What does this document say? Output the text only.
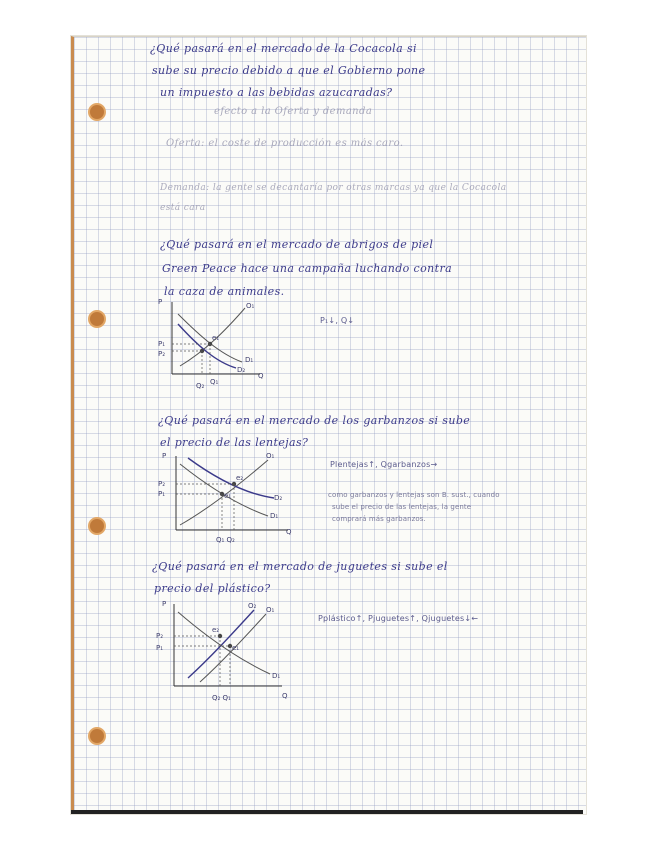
¿Qué pasará en el mercado de la Cocacola si

sube su precio debido a que el Gobierno pone

un impuesto a las bebidas azucaradas?

efecto a la Oferta y demanda

Oferta: el coste de producción es más caro.

Demanda: la gente se decantaría por otras marcas ya que la Cocacola está cara

¿Qué pasará en el mercado de abrigos de piel

Green Peace hace una campaña luchando contra

la caza de animales.

P₁↓, Q↓

P
Q
O₁
D₁
D₂
e₁
P₁
P₂
Q₂ Q₁

¿Qué pasará en el mercado de los garbanzos si sube

el precio de las lentejas?

Plentejas↑, Qgarbanzos→

como garbanzos y lentejas son B. sust., cuando

sube el precio de las lentejas, la gente

comprará más garbanzos.

P
Q
O₁
D₁
D₂
e₂
e₁
P₂
P₁
Q₁ Q₂

¿Qué pasará en el mercado de juguetes si sube el

precio del plástico?

Pplástico↑, Pjuguetes↑, Qjuguetes↓←

P
Q
O₂ O₁
D₁
e₂
e₁
P₂
P₁
Q₂ Q₁
